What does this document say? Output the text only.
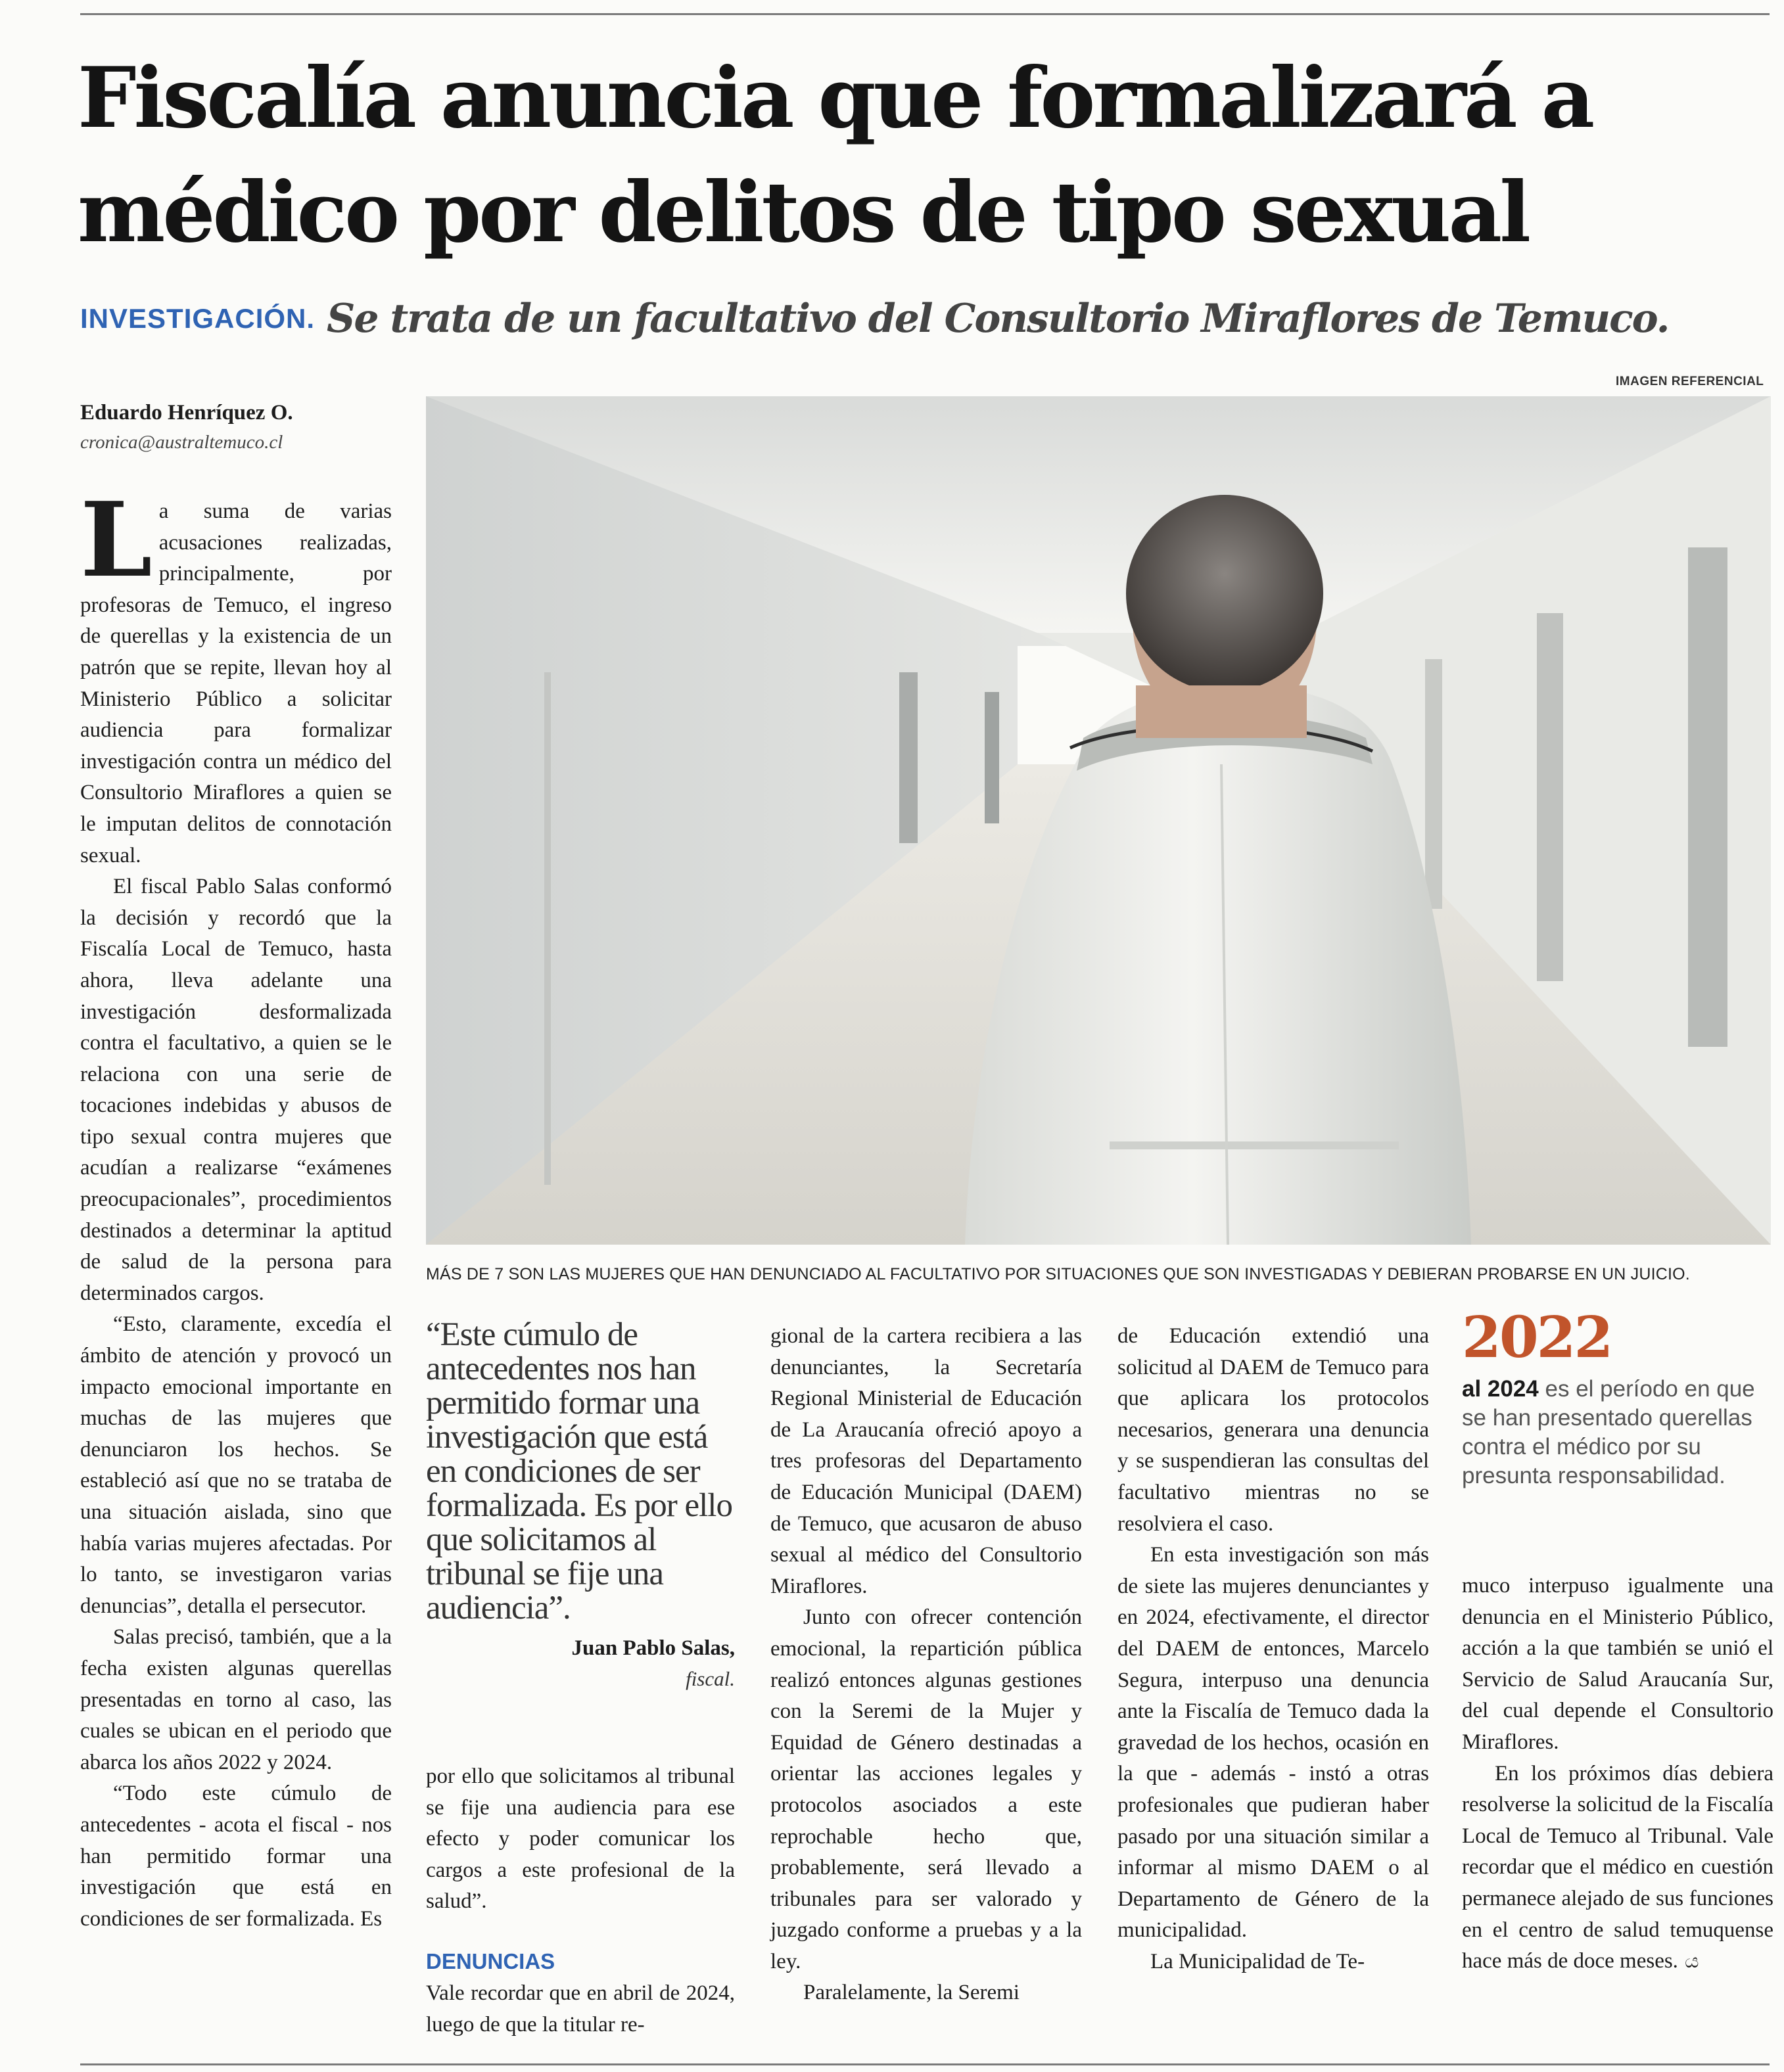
Fiscalía anuncia que formalizará a médico por delitos de tipo sexual
INVESTIGACIÓN. Se trata de un facultativo del Consultorio Miraflores de Temuco.
Eduardo Henríquez O.
cronica@australtemuco.cl

La suma de varias acusaciones realizadas, principalmente, por profesoras de Temuco, el ingreso de querellas y la existencia de un patrón que se repite, llevan hoy al Ministerio Público a solicitar audiencia para formalizar investigación contra un médico del Consultorio Miraflores a quien se le imputan delitos de connotación sexual.

El fiscal Pablo Salas conformó la decisión y recordó que la Fiscalía Local de Temuco, hasta ahora, lleva adelante una investigación desformalizada contra el facultativo, a quien se le relaciona con una serie de tocaciones indebidas y abusos de tipo sexual contra mujeres que acudían a realizarse “exámenes preocupacionales”, procedimientos destinados a determinar la aptitud de salud de la persona para determinados cargos.

“Esto, claramente, excedía el ámbito de atención y provocó un impacto emocional importante en muchas de las mujeres que denunciaron los hechos. Se estableció así que no se trataba de una situación aislada, sino que había varias mujeres afectadas. Por lo tanto, se investigaron varias denuncias”, detalla el persecutor.

Salas precisó, también, que a la fecha existen algunas querellas presentadas en torno al caso, las cuales se ubican en el periodo que abarca los años 2022 y 2024.

“Todo este cúmulo de antecedentes - acota el fiscal - nos han permitido formar una investigación que está en condiciones de ser formalizada. Es

IMAGEN REFERENCIAL
MÁS DE 7 SON LAS MUJERES QUE HAN DENUNCIADO AL FACULTATIVO POR SITUACIONES QUE SON INVESTIGADAS Y DEBIERAN PROBARSE EN UN JUICIO.
“Este cúmulo de antecedentes nos han permitido formar una investigación que está en condiciones de ser formalizada. Es por ello que solicitamos al tribunal se fije una audiencia”.
Juan Pablo Salas,
fiscal.

por ello que solicitamos al tribunal se fije una audiencia para ese efecto y poder comunicar los cargos a este profesional de la salud”.

DENUNCIAS

Vale recordar que en abril de 2024, luego de que la titular re-

gional de la cartera recibiera a las denunciantes, la Secretaría Regional Ministerial de Educación de La Araucanía ofreció apoyo a tres profesoras del Departamento de Educación Municipal (DAEM) de Temuco, que acusaron de abuso sexual al médico del Consultorio Miraflores.

Junto con ofrecer contención emocional, la repartición pública realizó entonces algunas gestiones con la Seremi de la Mujer y Equidad de Género destinadas a orientar las acciones legales y protocolos asociados a este reprochable hecho que, probablemente, será llevado a tribunales para ser valorado y juzgado conforme a pruebas y a la ley.

Paralelamente, la Seremi

de Educación extendió una solicitud al DAEM de Temuco para que aplicara los protocolos necesarios, generara una denuncia y se suspendieran las consultas del facultativo mientras no se resolviera el caso.

En esta investigación son más de siete las mujeres denunciantes y en 2024, efectivamente, el director del DAEM de entonces, Marcelo Segura, interpuso una denuncia ante la Fiscalía de Temuco dada la gravedad de los hechos, ocasión en la que - además - instó a otras profesionales que pudieran haber pasado por una situación similar a informar al mismo DAEM o al Departamento de Género de la municipalidad.

La Municipalidad de Te-

2022
al 2024 es el período en que se han presentado querellas contra el médico por su presunta responsabilidad.

muco interpuso igualmente una denuncia en el Ministerio Público, acción a la que también se unió el Servicio de Salud Araucanía Sur, del cual depende el Consultorio Miraflores.

En los próximos días debiera resolverse la solicitud de la Fiscalía Local de Temuco al Tribunal. Vale recordar que el médico en cuestión permanece alejado de sus funciones en el centro de salud temuquense hace más de doce meses. ය
